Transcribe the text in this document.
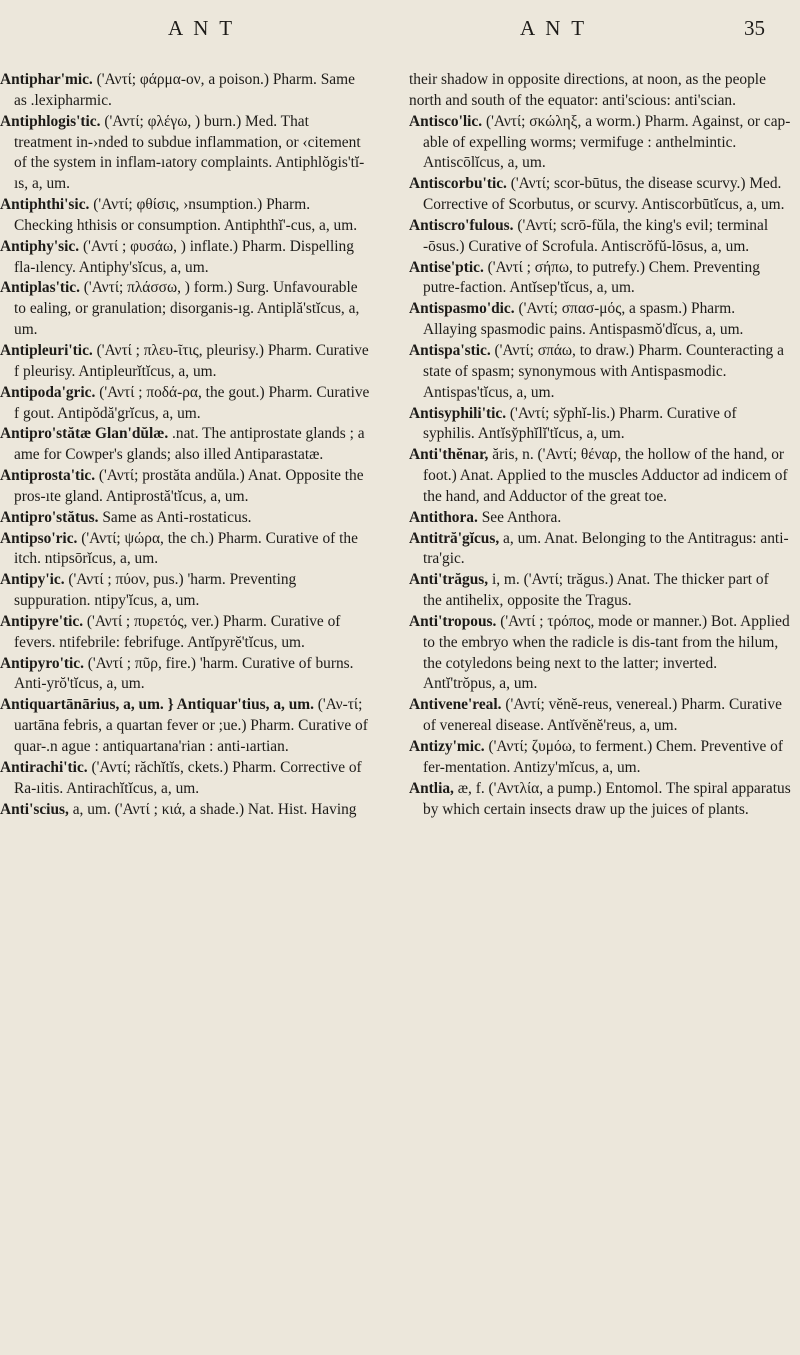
A N T	A N T	35

Antiphar'mic. ('Αντί; φάρμα-ον, a poison.) Pharm. Same as .lexipharmic.

Antiphlogis'tic. ('Αντί; φλέγω, ) burn.) Med. That treatment in-›nded to subdue inflammation, or ‹citement of the system in inflam-ıatory complaints. Antiphlŏgis'tĭ-ıs, a, um.

Antiphthi'sic. ('Αντί; φθίσις, ›nsumption.) Pharm. Checking hthisis or consumption. Antiphthĭ'-cus, a, um.

Antiphy'sic. ('Αντί ; φυσάω, ) inflate.) Pharm. Dispelling fla-ılency. Antiphy'sĭcus, a, um.

Antiplas'tic. ('Αντί; πλάσσω, ) form.) Surg. Unfavourable to ealing, or granulation; disorganis-ıg. Antiplă'stĭcus, a, um.

Antipleuri'tic. ('Αντί ; πλευ-ῖτις, pleurisy.) Pharm. Curative f pleurisy. Antipleurĭtĭcus, a, um.

Antipoda'gric. ('Αντί ; ποδά-ρα, the gout.) Pharm. Curative f gout. Antipŏdă'grĭcus, a, um.

Antipro'stătæ Glan'dŭlæ. .nat. The antiprostate glands ; a ame for Cowper's glands; also illed Antiparastatæ.

Antiprosta'tic. ('Αντί; prostăta andŭla.) Anat. Opposite the pros-ıte gland. Antiprostă'tĭcus, a, um.

Antipro'stătus. Same as Anti-rostaticus.

Antipso'ric. ('Αντί; ψώρα, the ch.) Pharm. Curative of the itch. ntipsōrĭcus, a, um.

Antipy'ic. ('Αντί ; πύον, pus.) 'harm. Preventing suppuration. ntipy'ĭcus, a, um.

Antipyre'tic. ('Αντί ; πυρετός, ver.) Pharm. Curative of fevers. ntifebrile: febrifuge. Antĭpyrĕ'tĭcus, um.

Antipyro'tic. ('Αντί ; πῦρ, fire.) 'harm. Curative of burns. Anti-yrŏ'tĭcus, a, um.

Antiquartānārius, a, um. } Antiquar'tius, a, um. ('Αν-τί; uartāna febris, a quartan fever or ;ue.) Pharm. Curative of quar-.n ague : antiquartana'rian : anti-ıartian.

Antirachi'tic. ('Αντί; răchĭtĭs, ckets.) Pharm. Corrective of Ra-ıitis. Antirachĭtĭcus, a, um.

Anti'scius, a, um. ('Αντί ; κιά, a shade.) Nat. Hist. Having

their shadow in opposite directions, at noon, as the people north and south of the equator: anti'scious: anti'scian.

Antisco'lic. ('Αντί; σκώληξ, a worm.) Pharm. Against, or cap-able of expelling worms; vermifuge : anthelmintic. Antiscōlĭcus, a, um.

Antiscorbu'tic. ('Αντί; scor-būtus, the disease scurvy.) Med. Corrective of Scorbutus, or scurvy. Antiscorbūtĭcus, a, um.

Antiscro'fulous. ('Αντί; scrō-fŭla, the king's evil; terminal -ōsus.) Curative of Scrofula. Antiscrŏfŭ-lōsus, a, um.

Antise'ptic. ('Αντί ; σήπω, to putrefy.) Chem. Preventing putre-faction. Antĭsep'tĭcus, a, um.

Antispasmo'dic. ('Αντί; σπασ-μός, a spasm.) Pharm. Allaying spasmodic pains. Antispasmŏ'dĭcus, a, um.

Antispa'stic. ('Αντί; σπάω, to draw.) Pharm. Counteracting a state of spasm; synonymous with Antispasmodic. Antispas'tĭcus, a, um.

Antisyphili'tic. ('Αντί; sy̆phĭ-lis.) Pharm. Curative of syphilis. Antĭsy̆phĭlĭ'tĭcus, a, um.

Anti'thĕnar, ăris, n. ('Αντί; θέναρ, the hollow of the hand, or foot.) Anat. Applied to the muscles Adductor ad indicem of the hand, and Adductor of the great toe.

Antithora. See Anthora.

Antitră'gĭcus, a, um. Anat. Belonging to the Antitragus: anti-tra'gic.

Anti'trăgus, i, m. ('Αντί; trăgus.) Anat. The thicker part of the antihelix, opposite the Tragus.

Anti'tropous. ('Αντί ; τρόπος, mode or manner.) Bot. Applied to the embryo when the radicle is dis-tant from the hilum, the cotyledons being next to the latter; inverted. Antĭ'trŏpus, a, um.

Antivene'real. ('Αντί; vĕnĕ-reus, venereal.) Pharm. Curative of venereal disease. Antĭvĕnĕ'reus, a, um.

Antizy'mic. ('Αντί; ζυμόω, to ferment.) Chem. Preventive of fer-mentation. Antizy'mĭcus, a, um.

Antlia, æ, f. ('Αντλία, a pump.) Entomol. The spiral apparatus by which certain insects draw up the juices of plants.
